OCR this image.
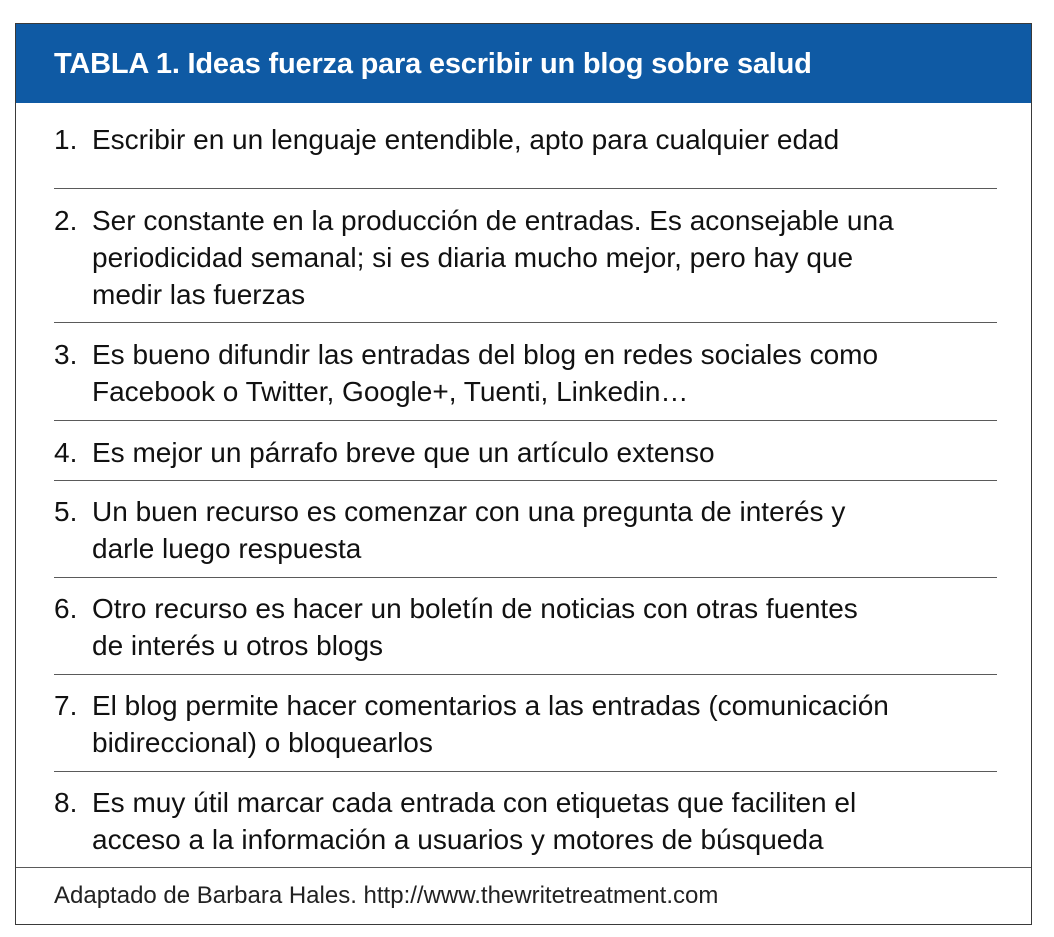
TABLA 1. Ideas fuerza para escribir un blog sobre salud
1. Escribir en un lenguaje entendible, apto para cualquier edad
2. Ser constante en la producción de entradas. Es aconsejable una
periodicidad semanal; si es diaria mucho mejor, pero hay que
medir las fuerzas
3. Es bueno difundir las entradas del blog en redes sociales como
Facebook o Twitter, Google+, Tuenti, Linkedin…
4. Es mejor un párrafo breve que un artículo extenso
5. Un buen recurso es comenzar con una pregunta de interés y
darle luego respuesta
6. Otro recurso es hacer un boletín de noticias con otras fuentes
de interés u otros blogs
7. El blog permite hacer comentarios a las entradas (comunicación
bidireccional) o bloquearlos
8. Es muy útil marcar cada entrada con etiquetas que faciliten el
acceso a la información a usuarios y motores de búsqueda
Adaptado de Barbara Hales. http://www.thewritetreatment.com
